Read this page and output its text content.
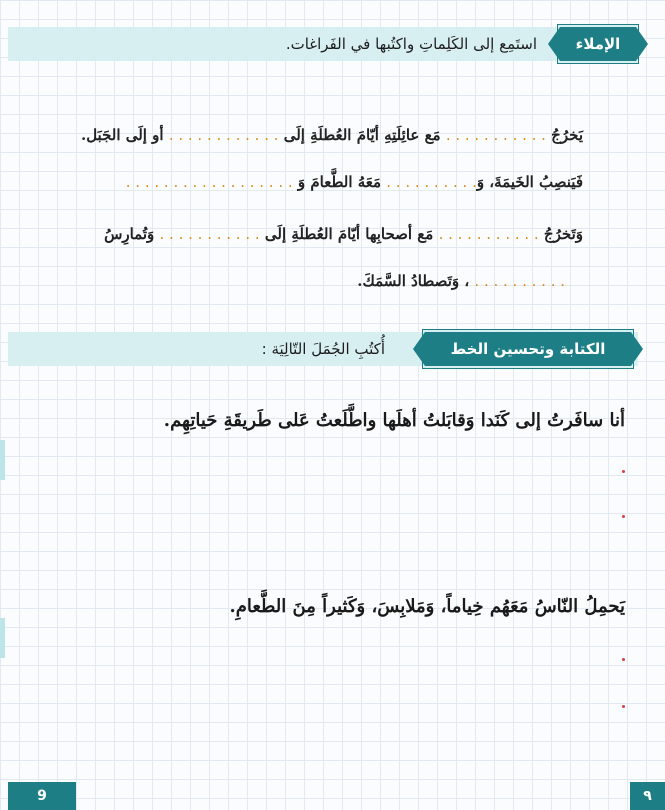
استَمِع إلى الكَلِماتِ واكتُبها في الفَراغات.	الإملاء
يَخرُجُ . . . . . . . . . . . مَع عائِلَتِهِ أيّامَ العُطلَةِ إلَى . . . . . . . . . . . . أو إلَى الجَبَل.
فَيَنصِبُ الخَيمَةَ، وَ. . . . . . . . . . مَعَهُ الطَّعامَ وَ . . . . . . . . . . . . . . . . . .
وَتَخرُجُ . . . . . . . . . . . مَع أصحابِها أيّامَ العُطلَةِ إلَى . . . . . . . . . . . وَتُمارِسُ
. . . . . . . . . . ، وَتَصطادُ السَّمَكَ.
أُكتُبِ الجُمَلَ التّالِيَة :	الكتابة وتحسين الخط
أنا سافَرتُ إلى كَنَدا وَقابَلتُ أهلَها واطَّلَعتُ عَلى طَريقَةِ حَياتِهِم.
يَحمِلُ النّاسُ مَعَهُم خِياماً، وَمَلابِسَ، وَكَثيراً مِنَ الطَّعامِ.
9	٩
